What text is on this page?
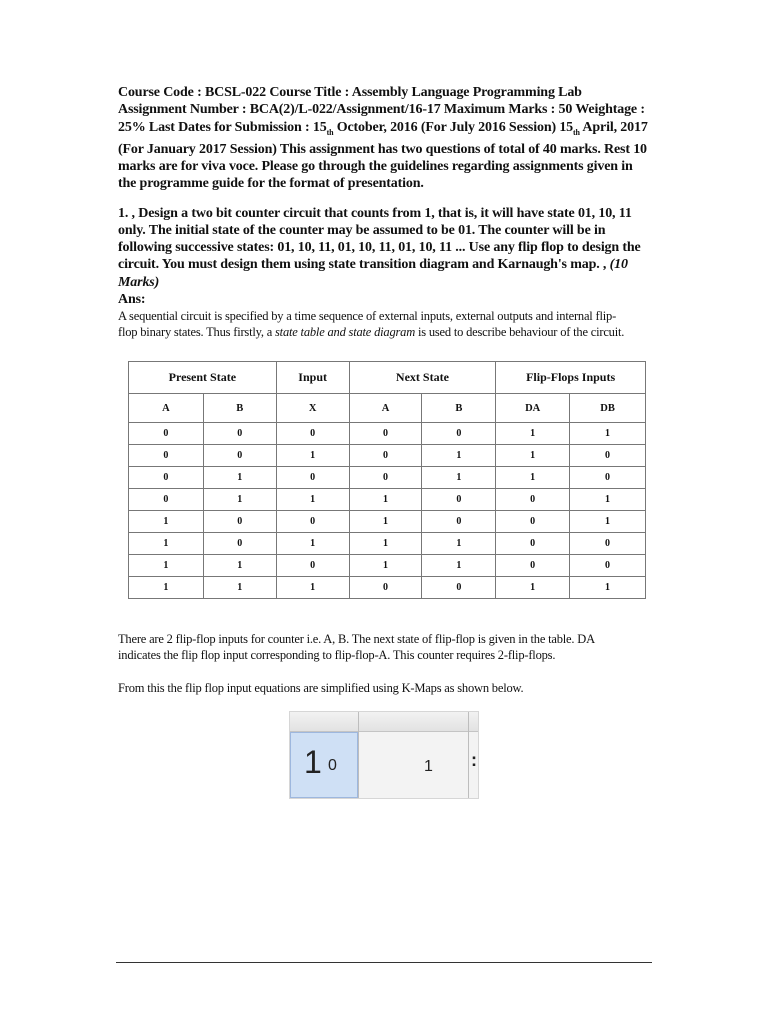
Course Code : BCSL-022 Course Title : Assembly Language Programming Lab

Assignment Number : BCA(2)/L-022/Assignment/16-17 Maximum Marks : 50 Weightage :

25% Last Dates for Submission : $15_{th}$ October, 2016 (For July 2016 Session) $15_{th}$ April, 2017

(For January 2017 Session) This assignment has two questions of total of 40 marks. Rest 10

marks are for viva voce. Please go through the guidelines regarding assignments given in

the programme guide for the format of presentation.

1. , Design a two bit counter circuit that counts from 1, that is, it will have state 01, 10, 11

only. The initial state of the counter may be assumed to be 01. The counter will be in

following successive states: 01, 10, 11, 01, 10, 11, 01, 10, 11 ... Use any flip flop to design the

circuit. You must design them using state transition diagram and Karnaugh's map. , (10

Marks)

Ans:

A sequential circuit is specified by a time sequence of external inputs, external outputs and internal flip-

flop binary states. Thus firstly, a state table and state diagram is used to describe behaviour of the circuit.

Present State		Input	Next State		Flip-Flops Inputs	
A	B	X	A	B	DA	DB
0	0	0	0	0	1	1
0	0	1	0	1	1	0
0	1	0	0	1	1	0
0	1	1	1	0	0	1
1	0	0	1	0	0	1
1	0	1	1	1	0	0
1	1	0	1	1	0	0
1	1	1	0	0	1	1

There are 2 flip-flop inputs for counter i.e. A, B. The next state of flip-flop is given in the table. DA

indicates the flip flop input corresponding to flip-flop-A. This counter requires 2-flip-flops.

From this the flip flop input equations are simplified using K-Maps as shown below.

1 0	1 :
